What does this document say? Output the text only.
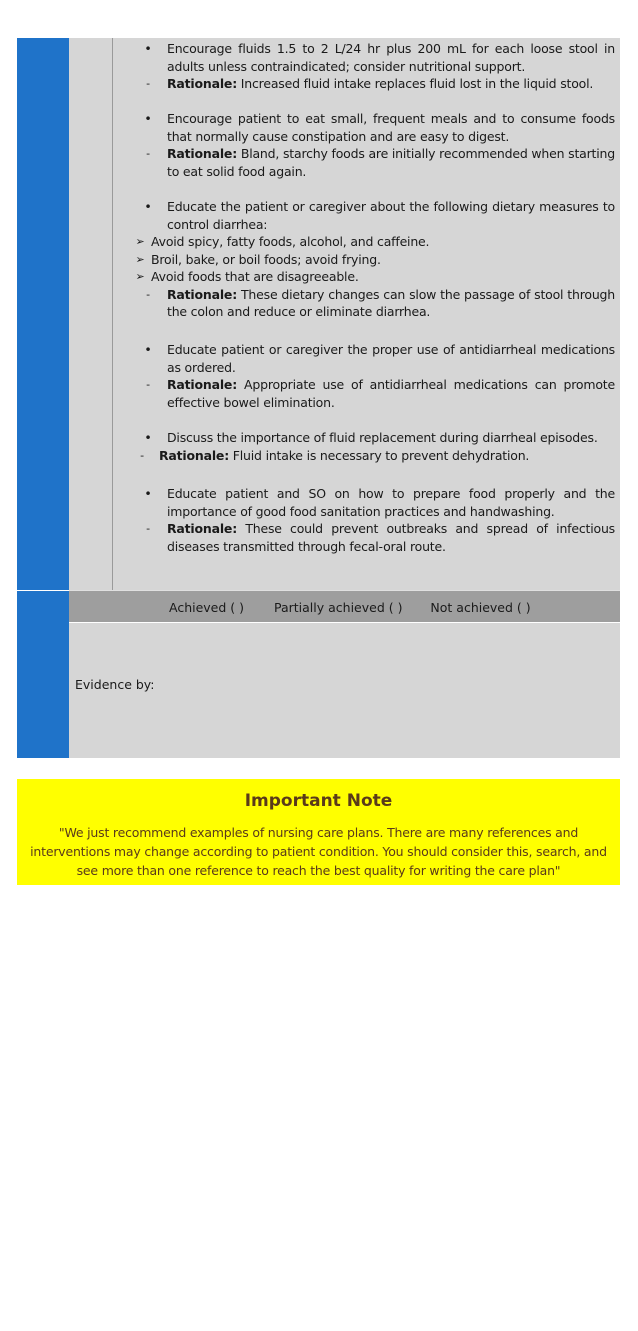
Evaluation
• Encourage fluids 1.5 to 2 L/24 hr plus 200 mL for each loose stool in adults unless contraindicated; consider nutritional support.
-	Rationale: Increased fluid intake replaces fluid lost in the liquid stool.
• Encourage patient to eat small, frequent meals and to consume foods that normally cause constipation and are easy to digest.
-	Rationale: Bland, starchy foods are initially recommended when starting to eat solid food again.
• Educate the patient or caregiver about the following dietary measures to control diarrhea:
➢ Avoid spicy, fatty foods, alcohol, and caffeine.
➢ Broil, bake, or boil foods; avoid frying.
➢ Avoid foods that are disagreeable.
-	Rationale: These dietary changes can slow the passage of stool through the colon and reduce or eliminate diarrhea.
• Educate patient or caregiver the proper use of antidiarrheal medications as ordered.
-	Rationale: Appropriate use of antidiarrheal medications can promote effective bowel elimination.
• Discuss the importance of fluid replacement during diarrheal episodes.
-	Rationale: Fluid intake is necessary to prevent dehydration.
• Educate patient and SO on how to prepare food properly and the importance of good food sanitation practices and handwashing.
-	Rationale: These could prevent outbreaks and spread of infectious diseases transmitted through fecal-oral route.
Achieved ( ) Partially achieved ( ) Not achieved ( )
Evidence by:
Important Note
"We just recommend examples of nursing care plans. There are many references and interventions may change according to patient condition. You should consider this, search, and see more than one reference to reach the best quality for writing the care plan"
